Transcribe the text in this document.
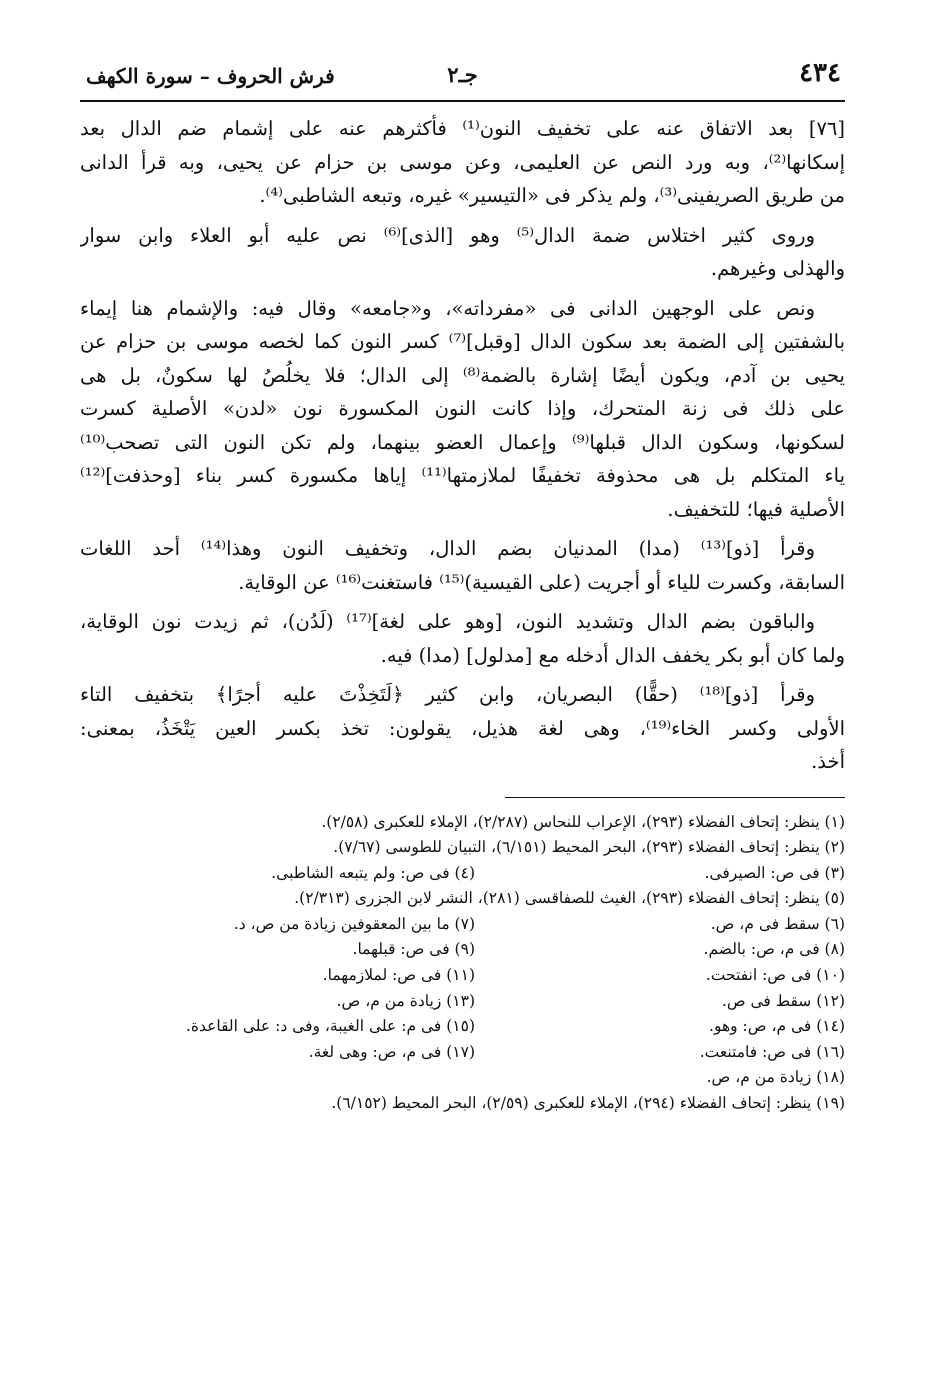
٤٣٤
جـ٢
فرش الحروف – سورة الكهف
[٧٦] بعد الاتفاق عنه على تخفيف النون⁽¹⁾ فأكثرهم عنه على إشمام ضم الدال بعد
إسكانها⁽²⁾، وبه ورد النص عن العليمى، وعن موسى بن حزام عن يحيى، وبه قرأ الدانى
من طريق الصريفينى⁽³⁾، ولم يذكر فى «التيسير» غيره، وتبعه الشاطبى⁽⁴⁾.
وروى كثير اختلاس ضمة الدال⁽⁵⁾ وهو [الذى]⁽⁶⁾ نص عليه أبو العلاء وابن سوار
والهذلى وغيرهم.
ونص على الوجهين الدانى فى «مفرداته»، و«جامعه» وقال فيه: والإشمام هنا إيماء
بالشفتين إلى الضمة بعد سكون الدال [وقبل]⁽⁷⁾ كسر النون كما لخصه موسى بن حزام عن
يحيى بن آدم، ويكون أيضًا إشارة بالضمة⁽⁸⁾ إلى الدال؛ فلا يخلُصُ لها سكونٌ، بل هى
على ذلك فى زنة المتحرك، وإذا كانت النون المكسورة نون «لدن» الأصلية كسرت
لسكونها، وسكون الدال قبلها⁽⁹⁾ وإعمال العضو بينهما، ولم تكن النون التى تصحب⁽¹⁰⁾
ياء المتكلم بل هى محذوفة تخفيفًا لملازمتها⁽¹¹⁾ إياها مكسورة كسر بناء [وحذفت]⁽¹²⁾
الأصلية فيها؛ للتخفيف.
وقرأ [ذو]⁽¹³⁾ (مدا) المدنيان بضم الدال، وتخفيف النون وهذا⁽¹⁴⁾ أحد اللغات
السابقة، وكسرت للياء أو أجريت (على القيسية)⁽¹⁵⁾ فاستغنت⁽¹⁶⁾ عن الوقاية.
والباقون بضم الدال وتشديد النون، [وهو على لغة]⁽¹⁷⁾ (لَدُن)، ثم زيدت نون الوقاية،
ولما كان أبو بكر يخفف الدال أدخله مع [مدلول] (مدا) فيه.
وقرأ [ذو]⁽¹⁸⁾ (حقًّا) البصريان، وابن كثير ﴿لَتَخِذْتَ عليه أجرًا﴾ بتخفيف التاء
الأولى وكسر الخاء⁽¹⁹⁾، وهى لغة هذيل، يقولون: تخذ بكسر العين يَتْخَذُ، بمعنى:
أخذ.
(١) ينظر: إتحاف الفضلاء (٢٩٣)، الإعراب للنحاس (٢/٢٨٧)، الإملاء للعكبرى (٢/٥٨).
(٢) ينظر: إتحاف الفضلاء (٢٩٣)، البحر المحيط (٦/١٥١)، التبيان للطوسى (٧/٦٧).
(٣) فى ص: الصيرفى.
(٤) فى ص: ولم يتبعه الشاطبى.
(٥) ينظر: إتحاف الفضلاء (٢٩٣)، الغيث للصفاقسى (٢٨١)، النشر لابن الجزرى (٢/٣١٣).
(٦) سقط فى م، ص.
(٧) ما بين المعقوفين زيادة من ص، د.
(٨) فى م، ص: بالضم.
(٩) فى ص: قبلهما.
(١٠) فى ص: انفتحت.
(١١) فى ص: لملازمهما.
(١٢) سقط فى ص.
(١٣) زيادة من م، ص.
(١٤) فى م، ص: وهو.
(١٥) فى م: على الغيبة، وفى د: على القاعدة.
(١٦) فى ص: فامتنعت.
(١٧) فى م، ص: وهى لغة.
(١٨) زيادة من م، ص.
(١٩) ينظر: إتحاف الفضلاء (٢٩٤)، الإملاء للعكبرى (٢/٥٩)، البحر المحيط (٦/١٥٢).
